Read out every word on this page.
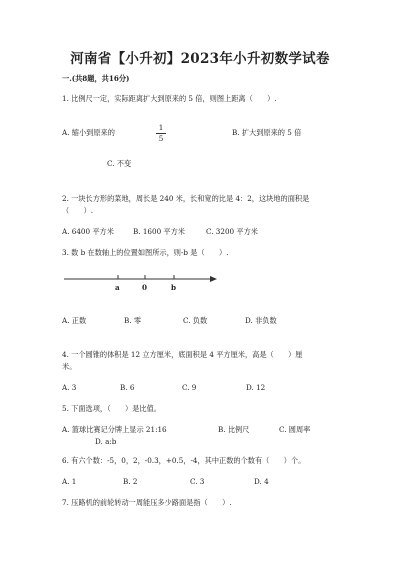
河南省【小升初】2023年小升初数学试卷
一.(共8题，共16分)
1. 比例尺一定，实际距离扩大到原来的 5 倍，则图上距离（　　）.
A. 缩小到原来的
1
5
B. 扩大到原来的 5 倍
C. 不变
2. 一块长方形的菜地，周长是 240 米，长和宽的比是 4：2，这块地的面积是
（　　）.
A. 6400 平方米	B. 1600 平方米	C. 3200 平方米
3. 数 b 在数轴上的位置如图所示，则-b 是（　　）.
a	0	b
A. 正数	B. 零	C. 负数	D. 非负数
4. 一个圆锥的体积是 12 立方厘米，底面积是 4 平方厘米，高是（　　）厘
米。
A. 3	B. 6	C. 9	D. 12
5. 下面选项，（　　）是比值。
A. 篮球比赛记分牌上显示 21:16	B. 比例尺	C. 圆周率
D. a:b
6. 有六个数：-5，0，2，-0.3，+0.5，-4，其中正数的个数有（　　）个。
A. 1	B. 2	C. 3	D. 4
7. 压路机的前轮转动一周能压多少路面是指（　　）.
